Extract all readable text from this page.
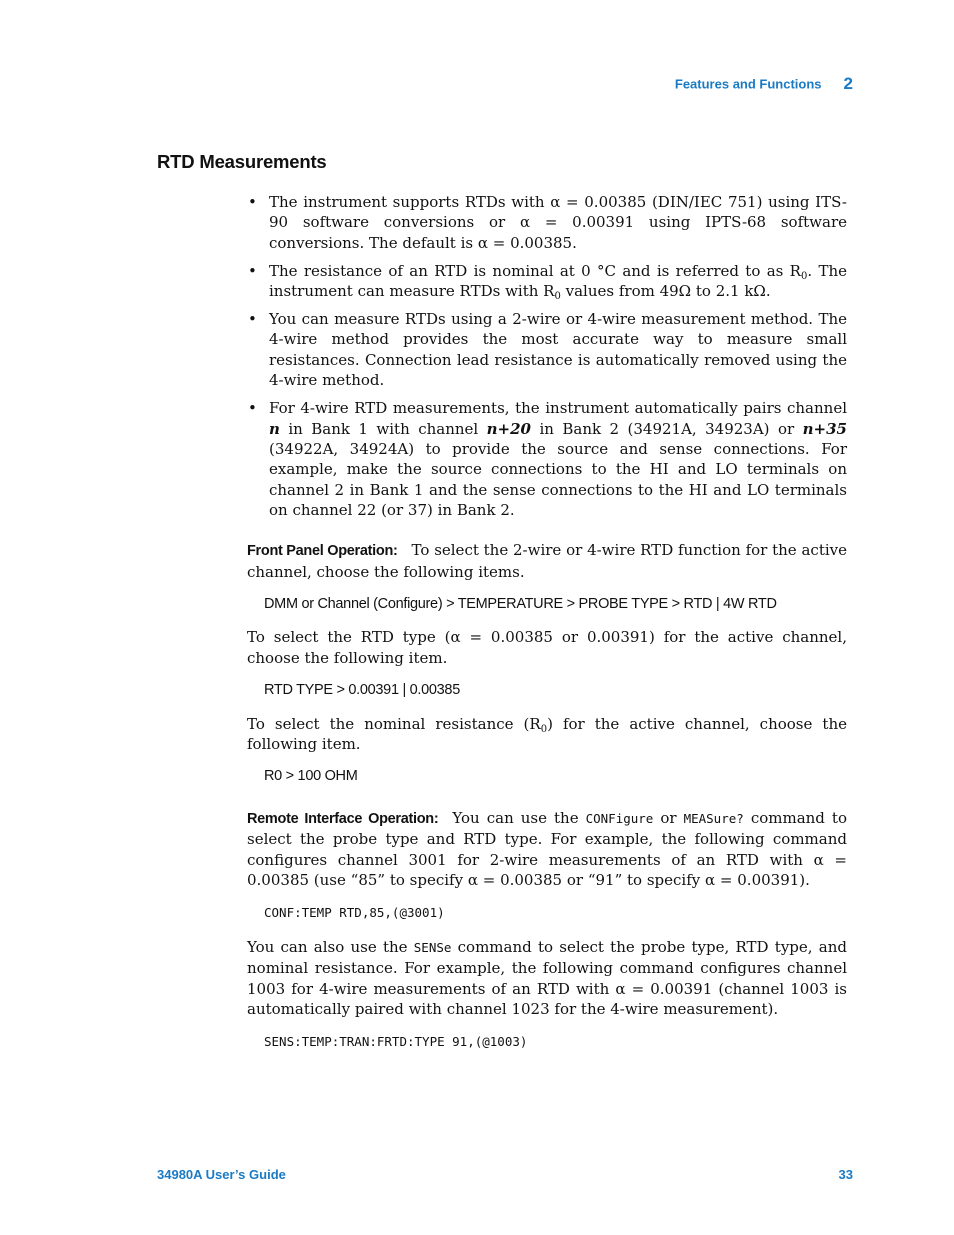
Features and Functions 2
RTD Measurements
• The instrument supports RTDs with α = 0.00385 (DIN/IEC 751) using ITS-90 software conversions or α = 0.00391 using IPTS-68 software conversions. The default is α = 0.00385.
• The resistance of an RTD is nominal at 0 °C and is referred to as $R_0$. The instrument can measure RTDs with $R_0$ values from 49Ω to 2.1 kΩ.
• You can measure RTDs using a 2-wire or 4-wire measurement method. The 4-wire method provides the most accurate way to measure small resistances. Connection lead resistance is automatically removed using the 4-wire method.
• For 4-wire RTD measurements, the instrument automatically pairs channel n in Bank 1 with channel n+20 in Bank 2 (34921A, 34923A) or n+35 (34922A, 34924A) to provide the source and sense connections. For example, make the source connections to the HI and LO terminals on channel 2 in Bank 1 and the sense connections to the HI and LO terminals on channel 22 (or 37) in Bank 2.

Front Panel Operation: To select the 2-wire or 4-wire RTD function for the active channel, choose the following items.

DMM or Channel (Configure) > TEMPERATURE > PROBE TYPE > RTD | 4W RTD

To select the RTD type (α = 0.00385 or 0.00391) for the active channel, choose the following item.

RTD TYPE > 0.00391 | 0.00385

To select the nominal resistance $(R_0)$ for the active channel, choose the following item.

R0 > 100 OHM

Remote Interface Operation: You can use the CONFigure or MEASure? command to select the probe type and RTD type. For example, the following command configures channel 3001 for 2-wire measurements of an RTD with α = 0.00385 (use “85” to specify α = 0.00385 or “91” to specify α = 0.00391).

CONF:TEMP RTD,85,(@3001)

You can also use the SENSe command to select the probe type, RTD type, and nominal resistance. For example, the following command configures channel 1003 for 4-wire measurements of an RTD with α = 0.00391 (channel 1003 is automatically paired with channel 1023 for the 4-wire measurement).

SENS:TEMP:TRAN:FRTD:TYPE 91,(@1003)
34980A User’s Guide	33
